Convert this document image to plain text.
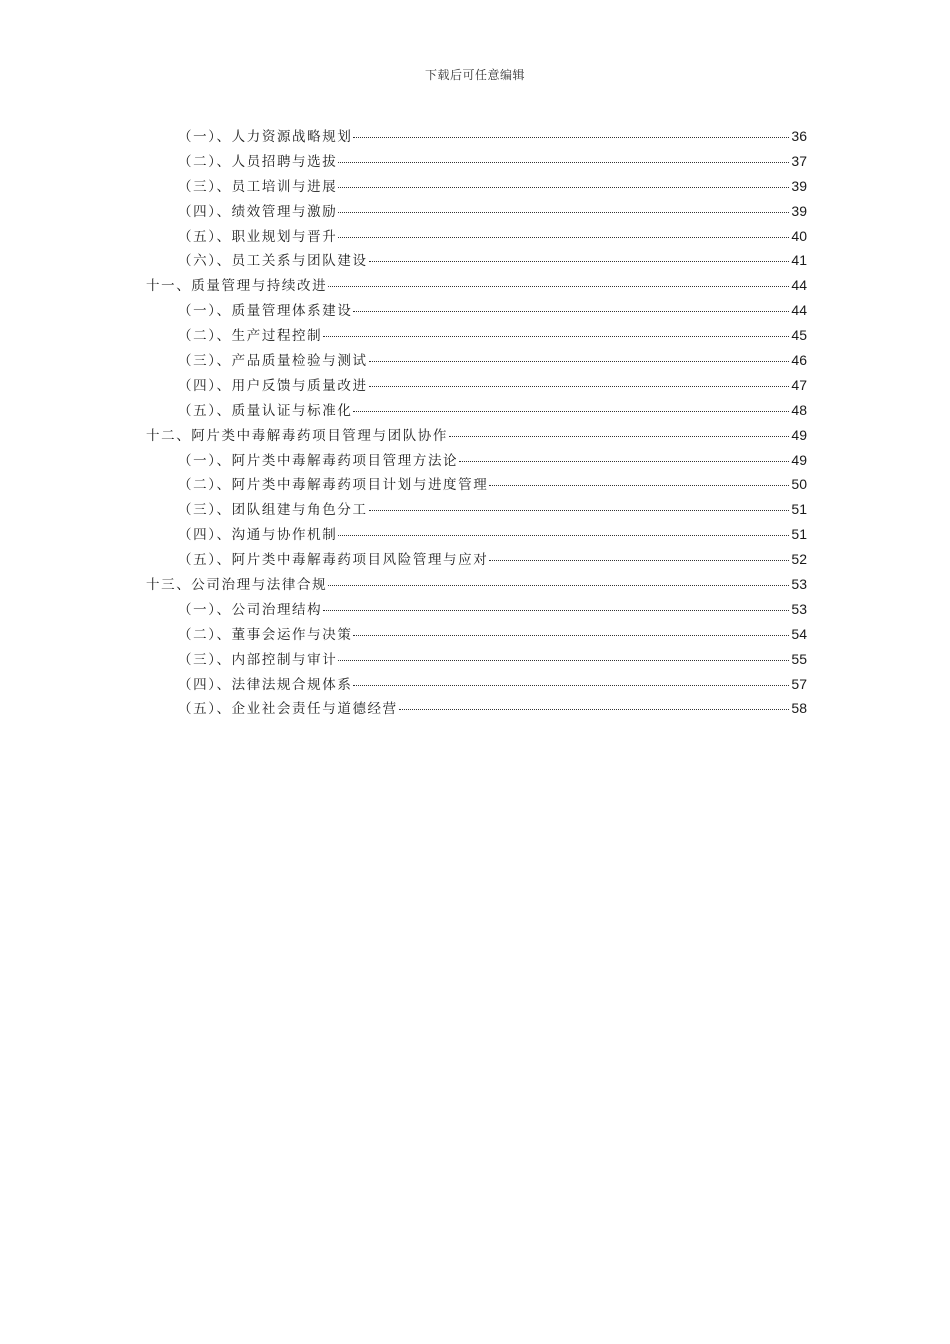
下载后可任意编辑
（一）、人力资源战略规划	36
（二）、人员招聘与选拔	37
（三）、员工培训与进展	39
（四）、绩效管理与激励	39
（五）、职业规划与晋升	40
（六）、员工关系与团队建设	41
十一、质量管理与持续改进	44
（一）、质量管理体系建设	44
（二）、生产过程控制	45
（三）、产品质量检验与测试	46
（四）、用户反馈与质量改进	47
（五）、质量认证与标准化	48
十二、阿片类中毒解毒药项目管理与团队协作	49
（一）、阿片类中毒解毒药项目管理方法论	49
（二）、阿片类中毒解毒药项目计划与进度管理	50
（三）、团队组建与角色分工	51
（四）、沟通与协作机制	51
（五）、阿片类中毒解毒药项目风险管理与应对	52
十三、公司治理与法律合规	53
（一）、公司治理结构	53
（二）、董事会运作与决策	54
（三）、内部控制与审计	55
（四）、法律法规合规体系	57
（五）、企业社会责任与道德经营	58
